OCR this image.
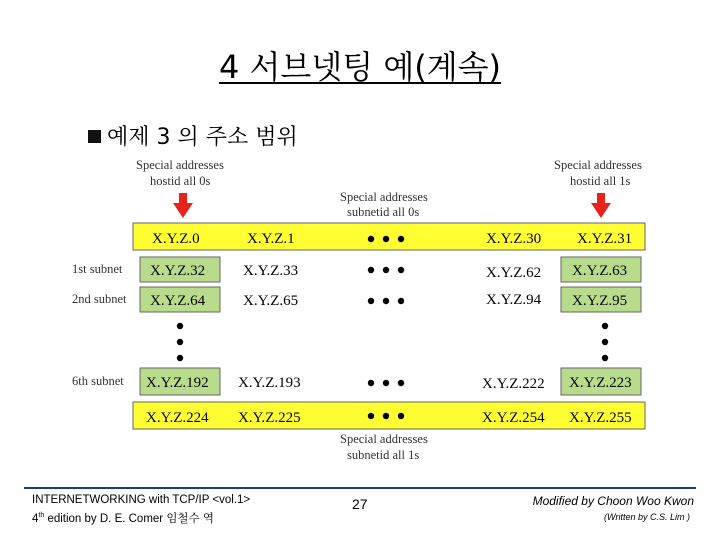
4 서브넷팅 예(계속)
예제 3 의 주소 범위
Special addresses
hostid all 0s
Special addresses
hostid all 1s
Special addresses
subnetid all 0s
Special addresses
subnetid all 1s
1st subnet
2nd subnet
6th subnet
X.Y.Z.0	X.Y.Z.1	X.Y.Z.30 X.Y.Z.31
X.Y.Z.32	X.Y.Z.33	X.Y.Z.62 X.Y.Z.63
X.Y.Z.64	X.Y.Z.65	X.Y.Z.94 X.Y.Z.95
X.Y.Z.192 X.Y.Z.193	X.Y.Z.222 X.Y.Z.223
X.Y.Z.224 X.Y.Z.225	X.Y.Z.254 X.Y.Z.255
INTERNETWORKING with TCP/IP <vol.1>
4th edition by D. E. Comer 임철수 역
27	Modified by Choon Woo Kwon
(Written by C.S. Lim )
